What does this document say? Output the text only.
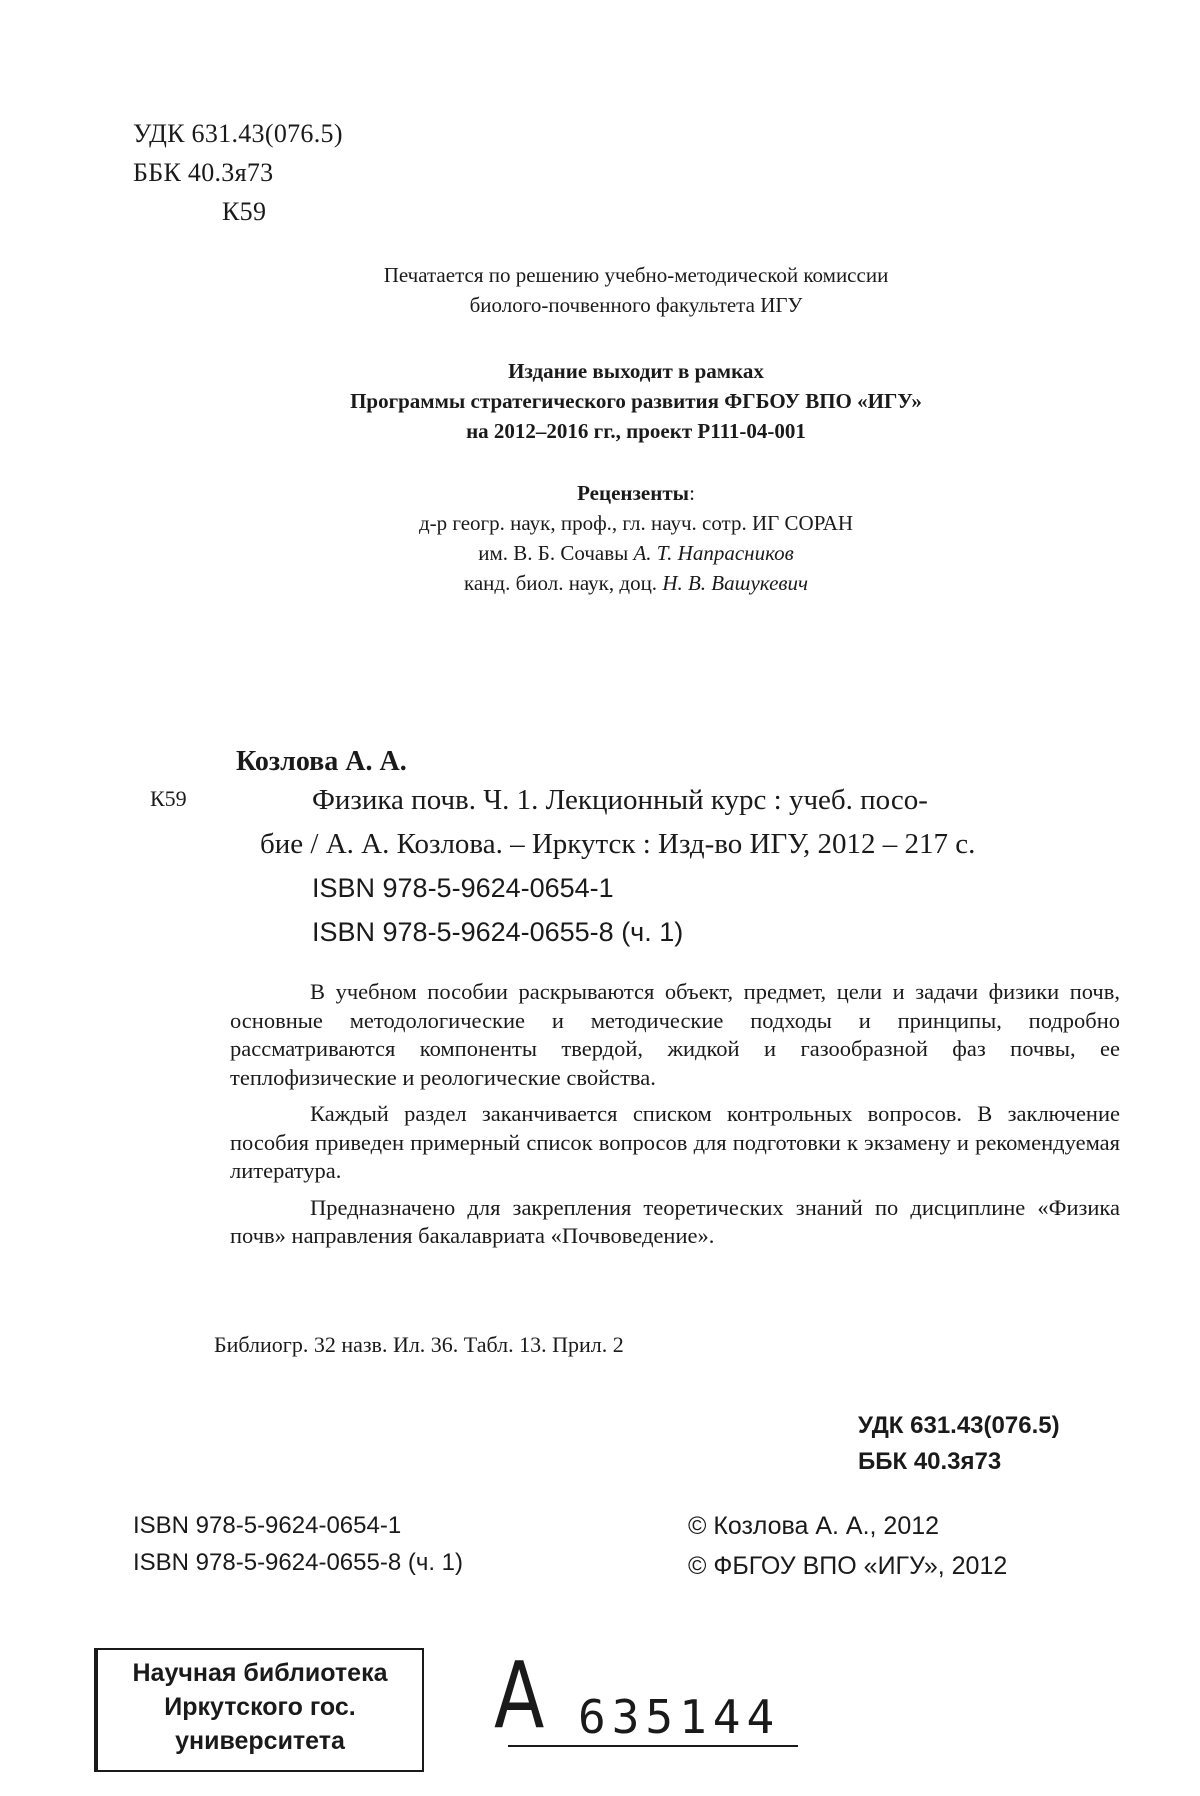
УДК 631.43(076.5)
ББК 40.3я73
К59
Печатается по решению учебно-методической комиссии
биолого-почвенного факультета ИГУ
Издание выходит в рамках
Программы стратегического развития ФГБОУ ВПО «ИГУ»
на 2012–2016 гг., проект Р111-04-001
Рецензенты:
д-р геогр. наук, проф., гл. науч. сотр. ИГ СОРАН
им. В. Б. Сочавы А. Т. Напрасников
канд. биол. наук, доц. Н. В. Вашукевич
Козлова А. А.
К59	Физика почв. Ч. 1. Лекционный курс : учеб. посо-
бие / А. А. Козлова. – Иркутск : Изд-во ИГУ, 2012 – 217 с.
ISBN 978-5-9624-0654-1
ISBN 978-5-9624-0655-8 (ч. 1)

В учебном пособии раскрываются объект, предмет, цели и задачи физики почв, основные методологические и методические подходы и принципы, подробно рассматриваются компоненты твердой, жидкой и газообразной фаз почвы, ее теплофизические и реологические свойства.

Каждый раздел заканчивается списком контрольных вопросов. В заключение пособия приведен примерный список вопросов для подготовки к экзамену и рекомендуемая литература.

Предназначено для закрепления теоретических знаний по дисциплине «Физика почв» направления бакалавриата «Почвоведение».

Библиогр. 32 назв. Ил. 36. Табл. 13. Прил. 2
УДК 631.43(076.5)
ББК 40.3я73
ISBN 978-5-9624-0654-1
ISBN 978-5-9624-0655-8 (ч. 1)
© Козлова А. А., 2012
© ФБГОУ ВПО «ИГУ», 2012
Научная библиотека
Иркутского гос.
университета	А 635144
